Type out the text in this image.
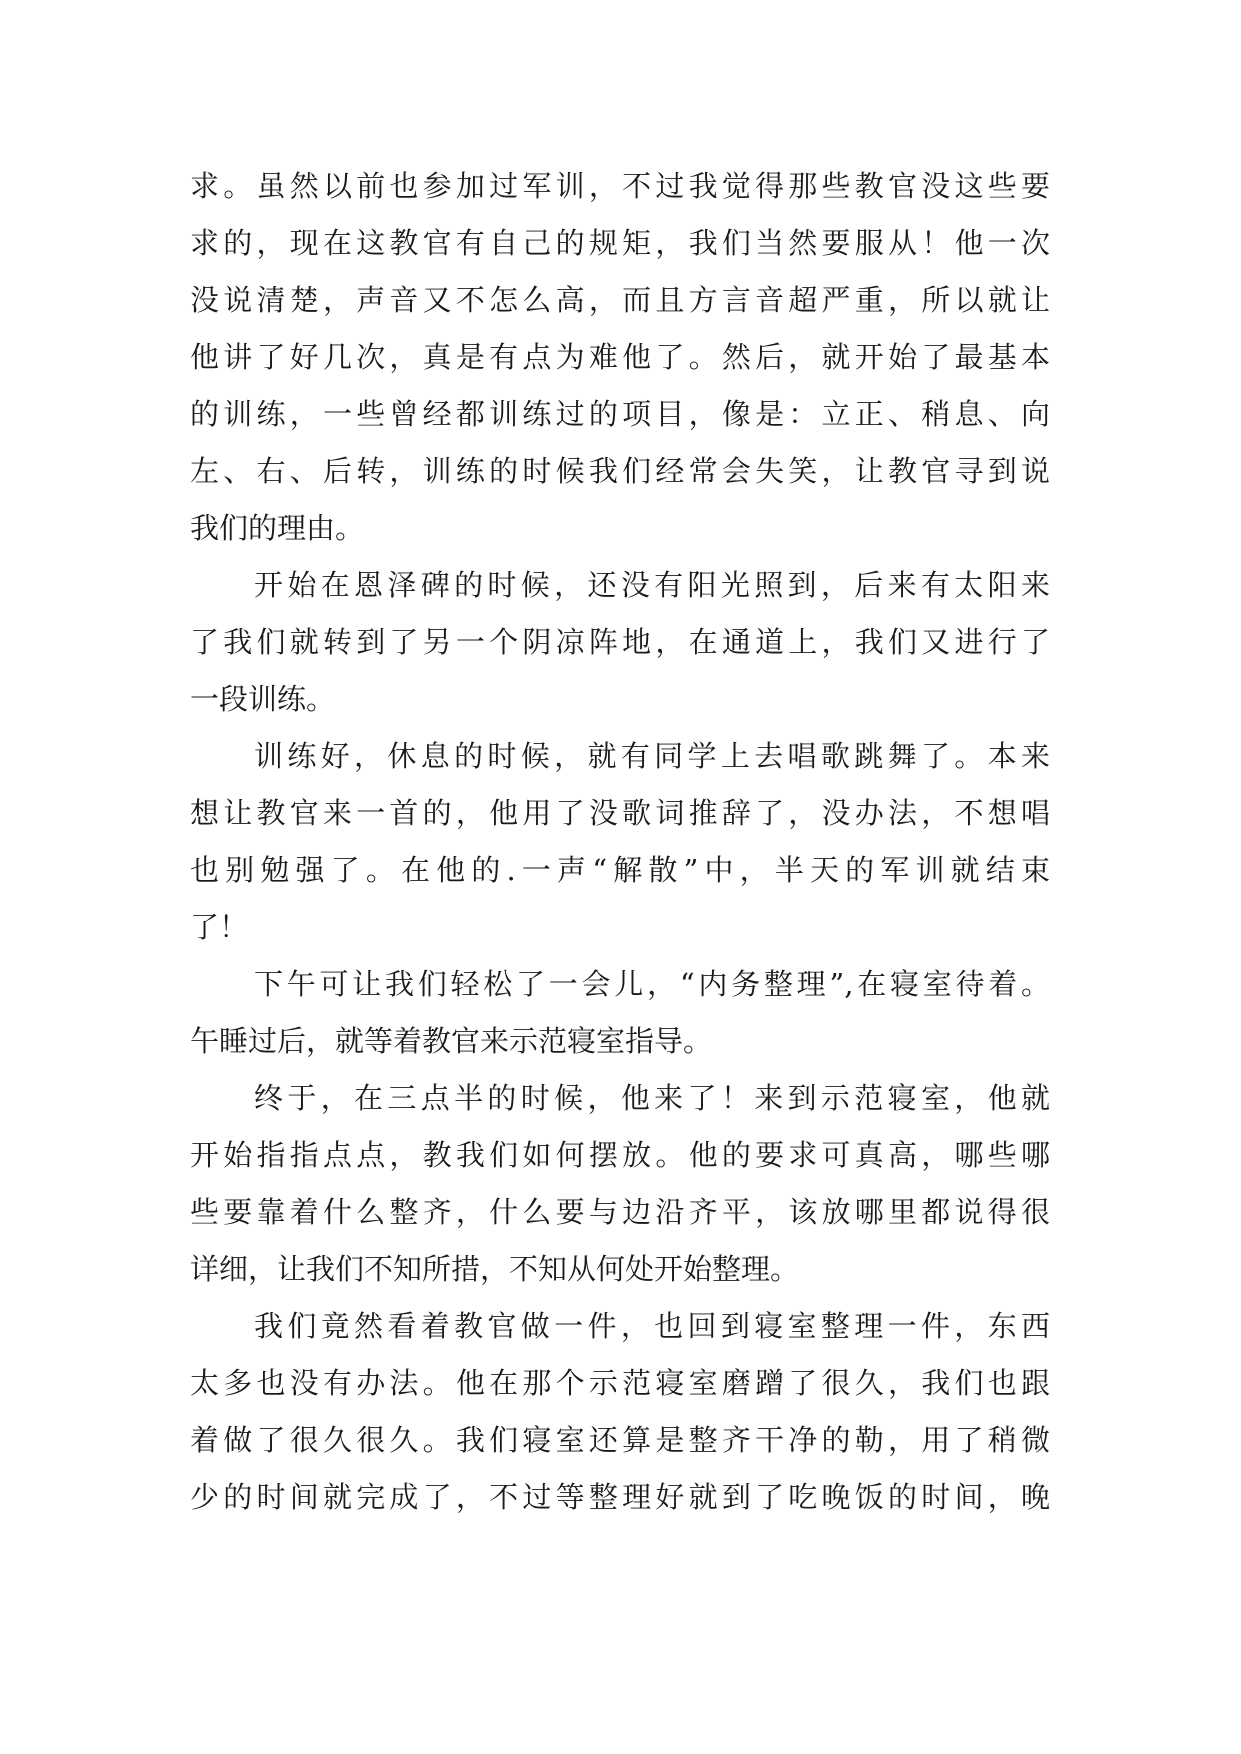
求。虽然以前也参加过军训，不过我觉得那些教官没这些要
求的，现在这教官有自己的规矩，我们当然要服从！他一次
没说清楚，声音又不怎么高，而且方言音超严重，所以就让
他讲了好几次，真是有点为难他了。然后，就开始了最基本
的训练，一些曾经都训练过的项目，像是：立正、稍息、向
左、右、后转，训练的时候我们经常会失笑，让教官寻到说
我们的理由。
开始在恩泽碑的时候，还没有阳光照到，后来有太阳来
了我们就转到了另一个阴凉阵地，在通道上，我们又进行了
一段训练。
训练好，休息的时候，就有同学上去唱歌跳舞了。本来
想让教官来一首的，他用了没歌词推辞了，没办法，不想唱
也别勉强了。在他的.一声“解散”中，半天的军训就结束
了！
下午可让我们轻松了一会儿，“内务整理”,在寝室待着。
午睡过后，就等着教官来示范寝室指导。
终于，在三点半的时候，他来了！来到示范寝室，他就
开始指指点点，教我们如何摆放。他的要求可真高，哪些哪
些要靠着什么整齐，什么要与边沿齐平，该放哪里都说得很
详细，让我们不知所措，不知从何处开始整理。
我们竟然看着教官做一件，也回到寝室整理一件，东西
太多也没有办法。他在那个示范寝室磨蹭了很久，我们也跟
着做了很久很久。我们寝室还算是整齐干净的勒，用了稍微
少的时间就完成了，不过等整理好就到了吃晚饭的时间，晚
